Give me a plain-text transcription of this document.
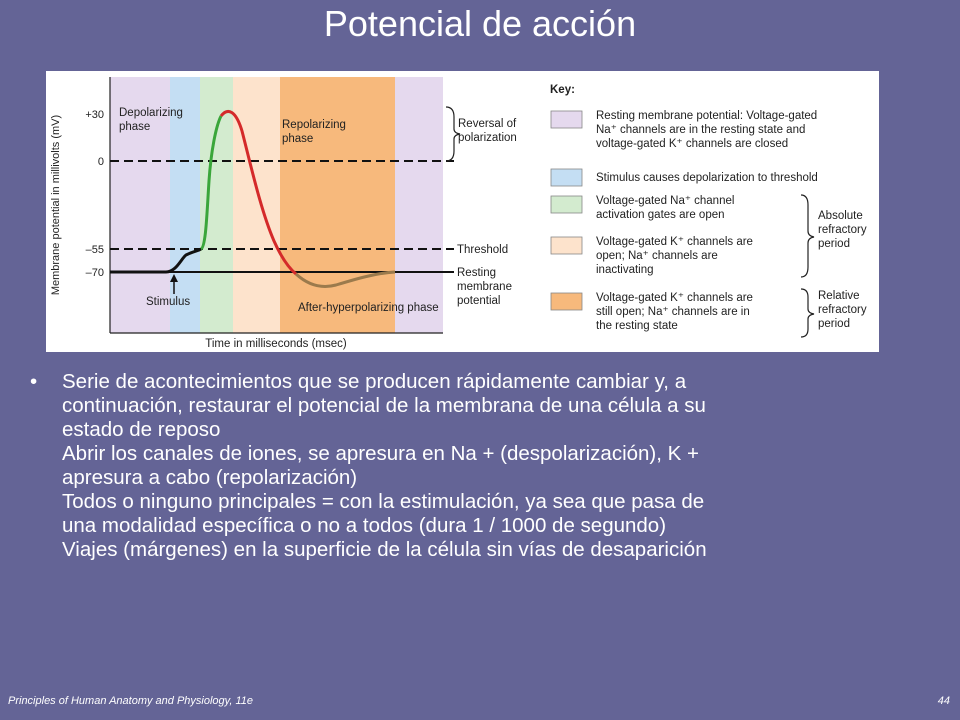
Potencial de acción
+30
0
–55
–70
Membrane potential in millivolts (mV)
Time in milliseconds (msec)
Depolarizing
phase	Repolarizing
phase
Stimulus	After-hyperpolarizing phase
Reversal of
polarization
Threshold
Resting
membrane
potential
Key:
Resting membrane potential: Voltage-gated
Na⁺ channels are in the resting state and
voltage-gated K⁺ channels are closed
Stimulus causes depolarization to threshold
Voltage-gated Na⁺ channel
activation gates are open
Voltage-gated K⁺ channels are
open; Na⁺ channels are
inactivating
Voltage-gated K⁺ channels are
still open; Na⁺ channels are in
the resting state
Absolute
refractory
period
Relative
refractory
period
•	Serie de acontecimientos que se producen rápidamente cambiar y, a
continuación, restaurar el potencial de la membrana de una célula a su
estado de reposo
Abrir los canales de iones, se apresura en Na + (despolarización), K +
apresura a cabo (repolarización)
Todos o ninguno principales = con la estimulación, ya sea que pasa de
una modalidad específica o no a todos (dura 1 / 1000 de segundo)
Viajes (márgenes) en la superficie de la célula sin vías de desaparición
Principles of Human Anatomy and Physiology, 11e	44
